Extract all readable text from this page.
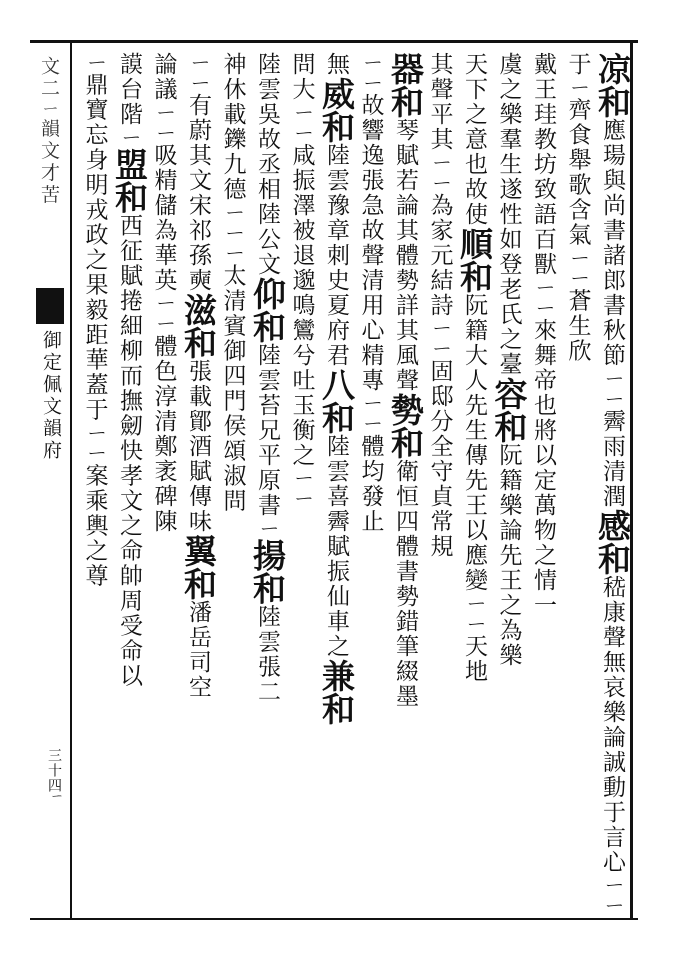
凉和應瑒與尚書諸郎書秋節ㄧㄧ霽雨清潤感和嵇康聲無哀樂論誠動于言心ㄧㄧ
于ㄧ齊食舉歌含氣ㄧㄧ蒼生欣
戴王珪教坊致語百獸ㄧㄧ來舞帝也將以定萬物之情一
虞之樂羣生遂性如登老氏之臺容和阮籍樂論先王之為樂
天下之意也故使順和阮籍大人先生傳先王以應變ㄧㄧ天地
其聲平其ㄧㄧ為家元結詩ㄧㄧ固邸分全守貞常規
器和琴賦若論其體勢詳其風聲勢和衛恒四體書勢錯筆綴墨
ㄧㄧ故響逸張急故聲清用心精專ㄧㄧ體均發止
無威和陸雲豫章刺史夏府君八和陸雲喜霽賦振仙車之兼和
問大ㄧㄧ咸振澤被退邈鳴鸞兮吐玉衡之ㄧㄧ
陸雲吳故丞相陸公文仰和陸雲苔兄平原書ㄧ揚和陸雲張二
神休載鑠九德ㄧㄧㄧ太清賓御四門侯頌淑問
ㄧㄧ有蔚其文宋祁孫奭滋和張載鄮酒賦傳味翼和潘岳司空
論議ㄧㄧ吸精儲為華英ㄧㄧ體色淳清鄭袤碑陳
謨台階ㄧ盟和西征賦捲細柳而撫劒快孝文之命帥周受命以
ㄧ鼎寶忘身明戎政之果毅距華蓋于ㄧㄧ案乘輿之尊
文二ㄧ韻文才苦
御定佩文韻府
三十四
ㄧ
